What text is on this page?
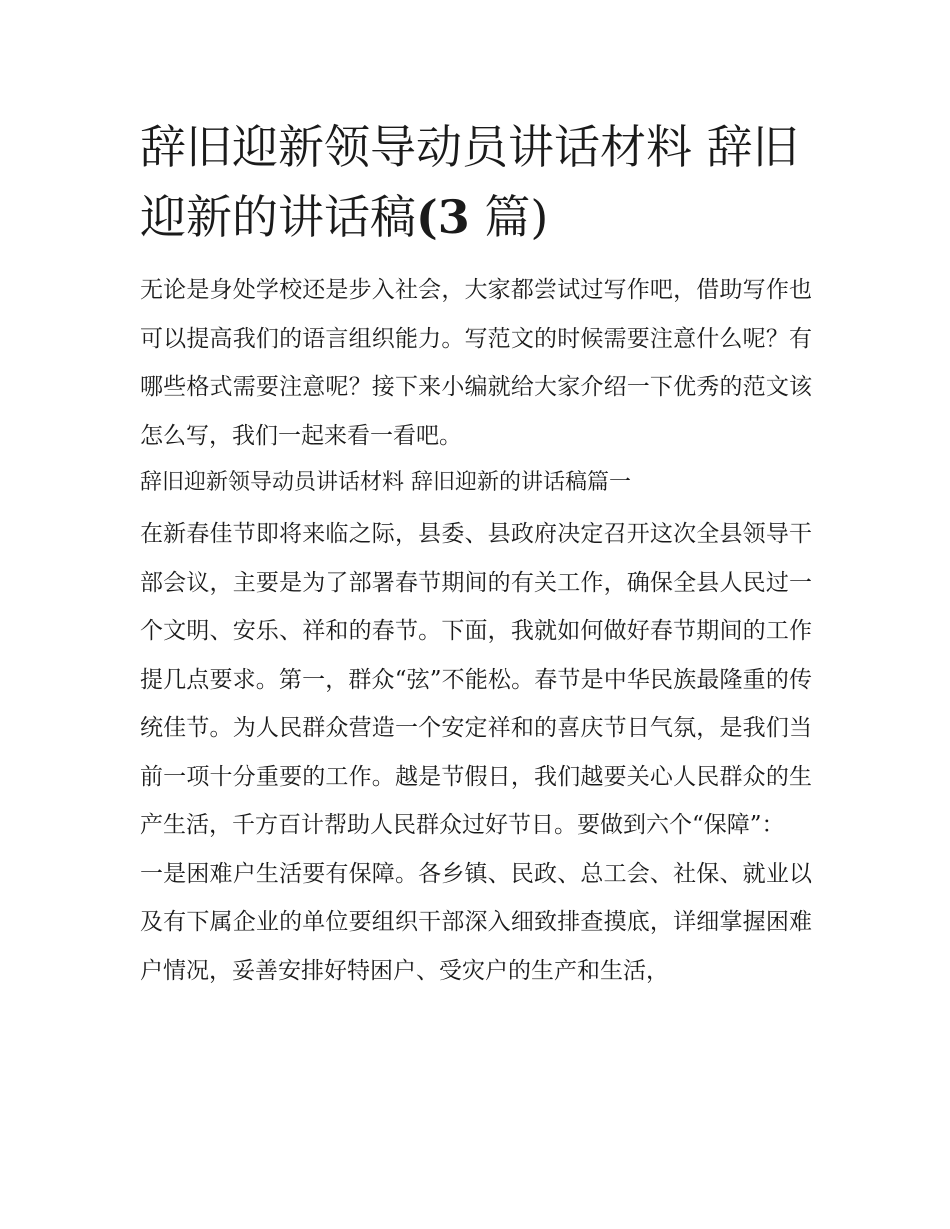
辞旧迎新领导动员讲话材料 辞旧迎新的讲话稿(3 篇)

无论是身处学校还是步入社会，大家都尝试过写作吧，借助写作也可以提高我们的语言组织能力。写范文的时候需要注意什么呢？有哪些格式需要注意呢？接下来小编就给大家介绍一下优秀的范文该怎么写，我们一起来看一看吧。

辞旧迎新领导动员讲话材料 辞旧迎新的讲话稿篇一

在新春佳节即将来临之际，县委、县政府决定召开这次全县领导干部会议，主要是为了部署春节期间的有关工作，确保全县人民过一个文明、安乐、祥和的春节。下面，我就如何做好春节期间的工作提几点要求。第一，群众“弦”不能松。春节是中华民族最隆重的传统佳节。为人民群众营造一个安定祥和的喜庆节日气氛，是我们当前一项十分重要的工作。越是节假日，我们越要关心人民群众的生产生活，千方百计帮助人民群众过好节日。要做到六个“保障”：

一是困难户生活要有保障。各乡镇、民政、总工会、社保、就业以及有下属企业的单位要组织干部深入细致排查摸底，详细掌握困难户情况，妥善安排好特困户、受灾户的生产和生活，
